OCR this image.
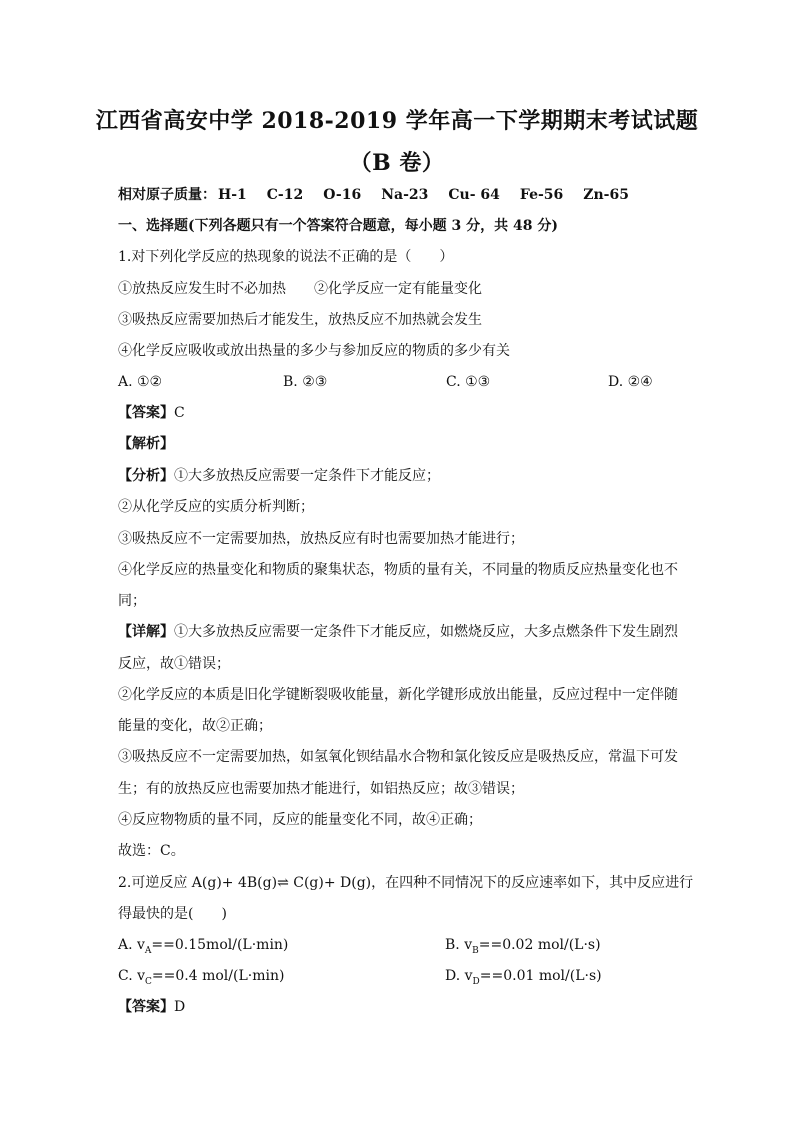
江西省高安中学 2018-2019 学年高一下学期期末考试试题
（B 卷）
相对原子质量： H-1 C-12 O-16 Na-23 Cu- 64 Fe-56 Zn-65
一、选择题(下列各题只有一个答案符合题意，每小题 3 分，共 48 分)
1.对下列化学反应的热现象的说法不正确的是（　　）
①放热反应发生时不必加热　　②化学反应一定有能量变化
③吸热反应需要加热后才能发生，放热反应不加热就会发生
④化学反应吸收或放出热量的多少与参加反应的物质的多少有关
A. ①②	B. ②③	C. ①③	D. ②④
【答案】C
【解析】
【分析】①大多放热反应需要一定条件下才能反应；
②从化学反应的实质分析判断；
③吸热反应不一定需要加热，放热反应有时也需要加热才能进行；
④化学反应的热量变化和物质的聚集状态，物质的量有关，不同量的物质反应热量变化也不
同；
【详解】①大多放热反应需要一定条件下才能反应，如燃烧反应，大多点燃条件下发生剧烈
反应，故①错误；
②化学反应的本质是旧化学键断裂吸收能量，新化学键形成放出能量，反应过程中一定伴随
能量的变化，故②正确；
③吸热反应不一定需要加热，如氢氧化钡结晶水合物和氯化铵反应是吸热反应，常温下可发
生；有的放热反应也需要加热才能进行，如铝热反应；故③错误；
④反应物物质的量不同，反应的能量变化不同，故④正确；
故选：C。
2.可逆反应 A(g)+ 4B(g)⇌ C(g)+ D(g)，在四种不同情况下的反应速率如下，其中反应进行
得最快的是(　　)
A. $v_A==0.15mol/(L\cdot\min)$	B. $v_B==0.02$ mol/(L·s)
C. $v_C==0.4$ mol/(L·min)	D. $v_D==0.01$ mol/(L·s)
【答案】D
